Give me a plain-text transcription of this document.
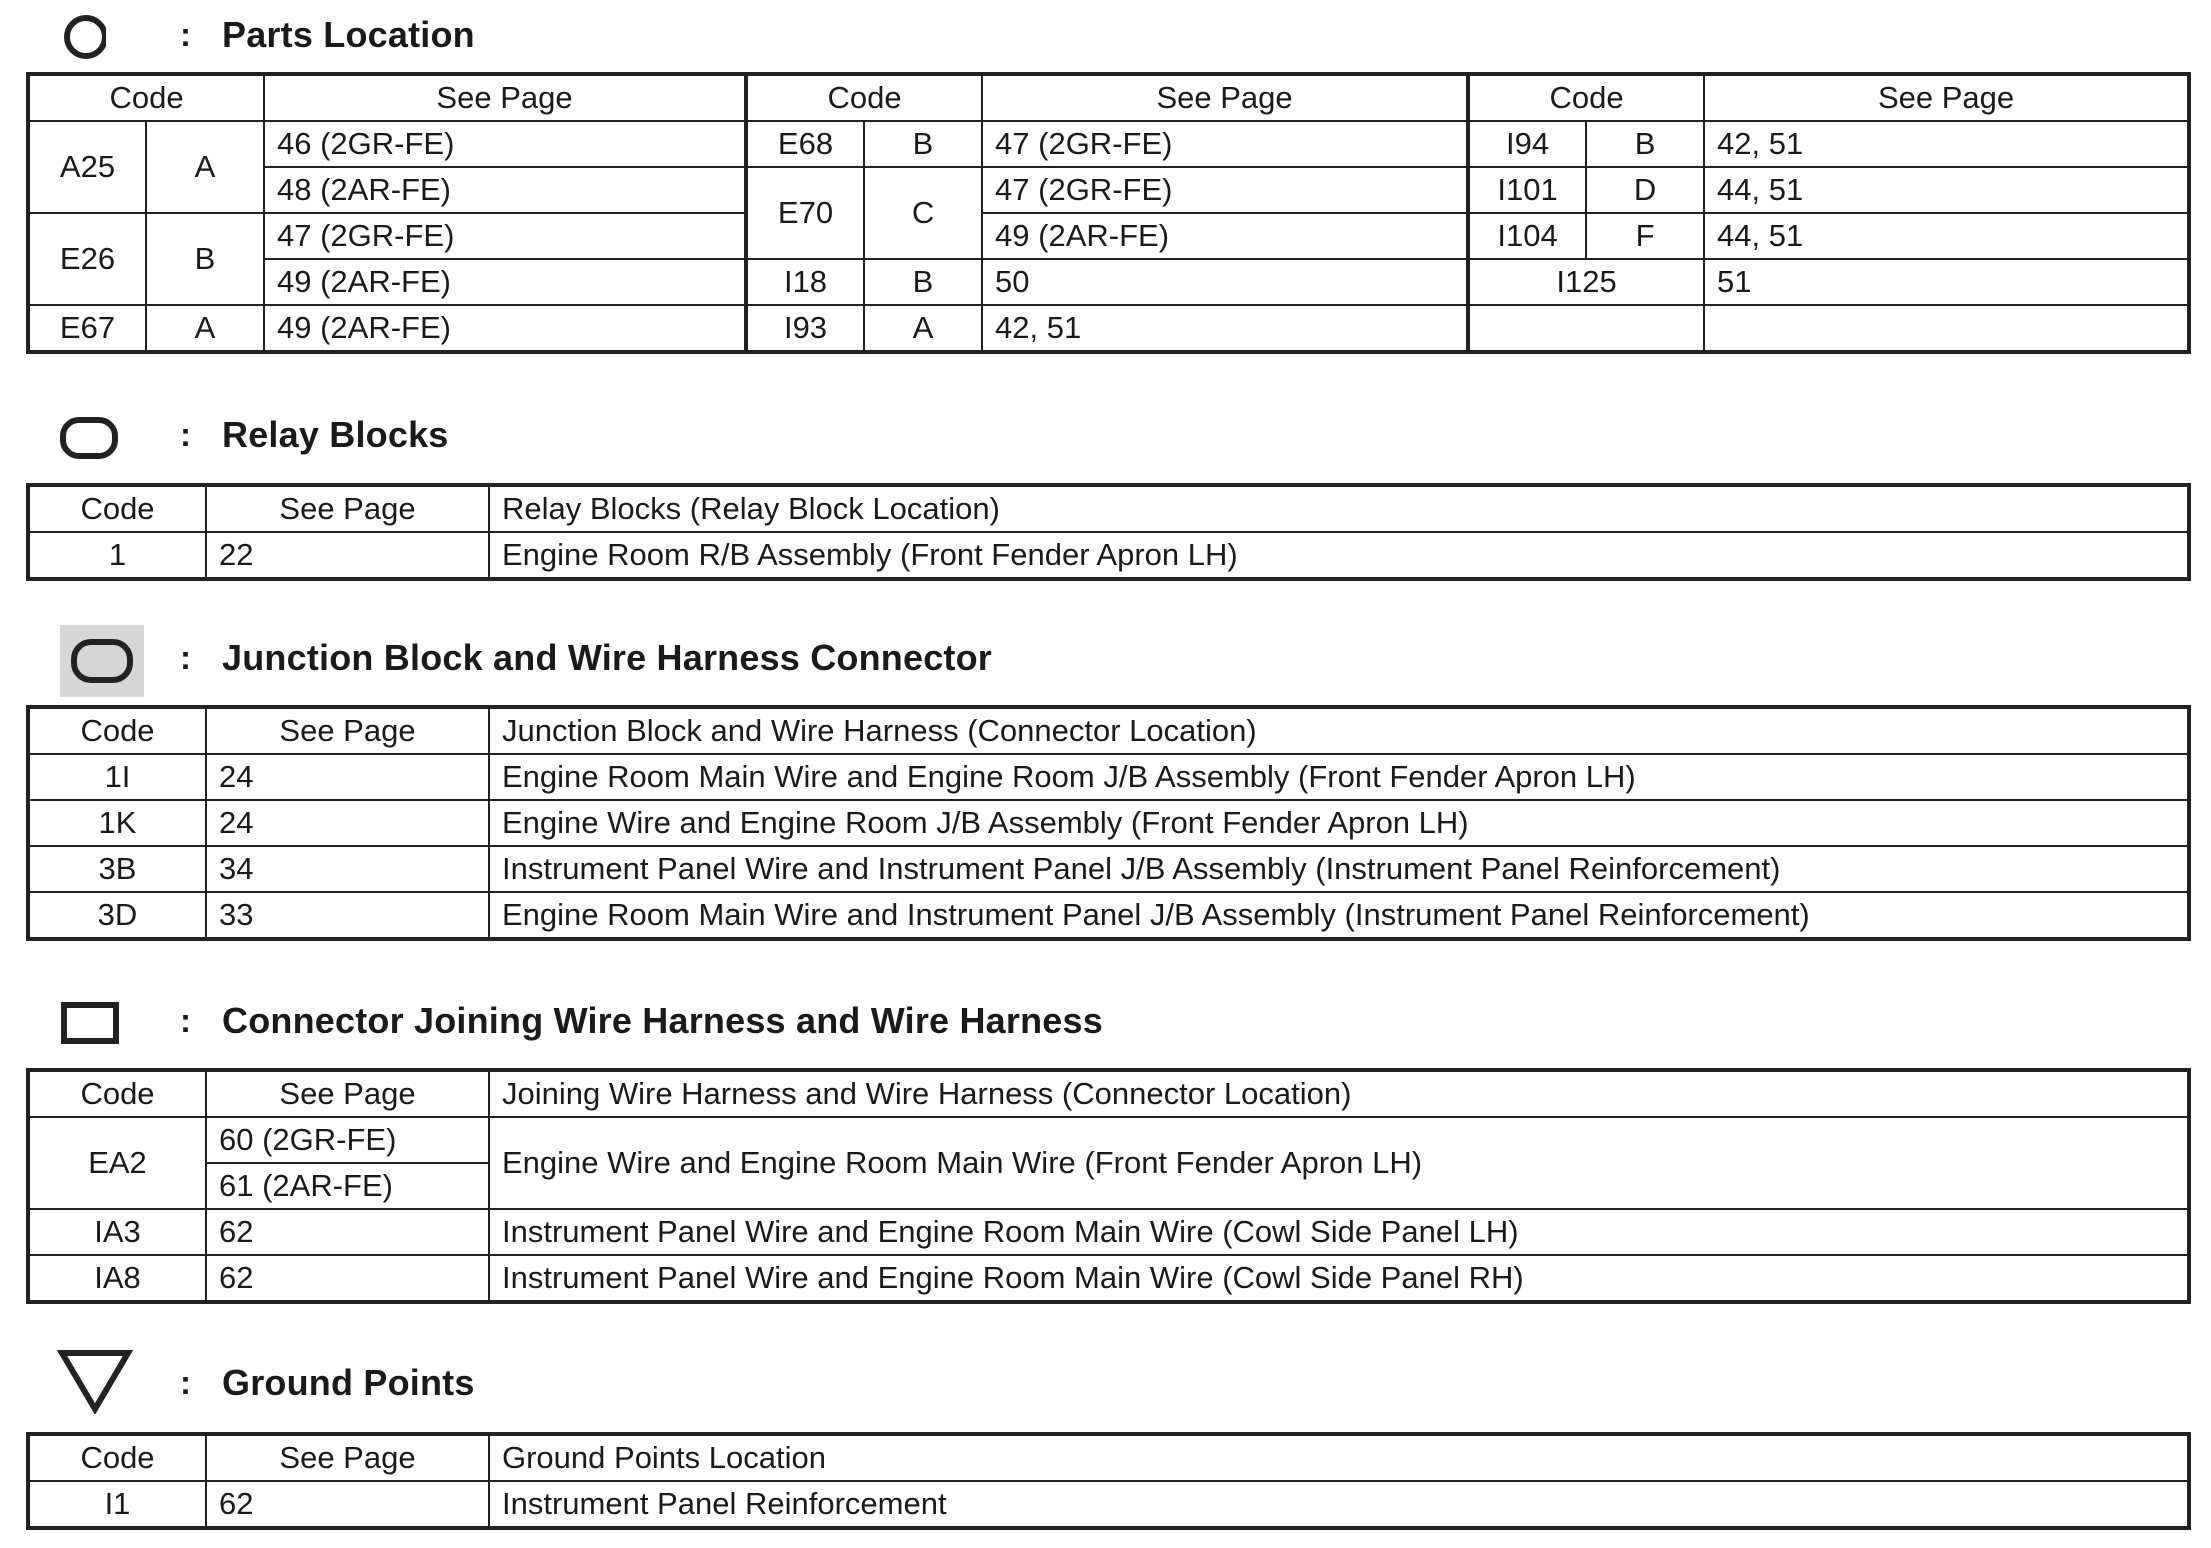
: Parts Location
Code		See Page	Code		See Page	Code		See Page
A25	A	46 (2GR-FE)	E68	B	47 (2GR-FE)	I94	B	42, 51
		48 (2AR-FE)	E70	C	47 (2GR-FE)	I101	D	44, 51
E26	B	47 (2GR-FE)			49 (2AR-FE)	I104	F	44, 51
		49 (2AR-FE)	I18	B	50	I125		51
E67	A	49 (2AR-FE)	I93	A	42, 51			
: Relay Blocks
Code	See Page	Relay Blocks (Relay Block Location)
1	22	Engine Room R/B Assembly (Front Fender Apron LH)
: Junction Block and Wire Harness Connector
Code	See Page	Junction Block and Wire Harness (Connector Location)
1I	24	Engine Room Main Wire and Engine Room J/B Assembly (Front Fender Apron LH)
1K	24	Engine Wire and Engine Room J/B Assembly (Front Fender Apron LH)
3B	34	Instrument Panel Wire and Instrument Panel J/B Assembly (Instrument Panel Reinforcement)
3D	33	Engine Room Main Wire and Instrument Panel J/B Assembly (Instrument Panel Reinforcement)
: Connector Joining Wire Harness and Wire Harness
Code	See Page	Joining Wire Harness and Wire Harness (Connector Location)
EA2	60 (2GR-FE)	Engine Wire and Engine Room Main Wire (Front Fender Apron LH)
	61 (2AR-FE)	
IA3	62	Instrument Panel Wire and Engine Room Main Wire (Cowl Side Panel LH)
IA8	62	Instrument Panel Wire and Engine Room Main Wire (Cowl Side Panel RH)
: Ground Points
Code	See Page	Ground Points Location
I1	62	Instrument Panel Reinforcement
